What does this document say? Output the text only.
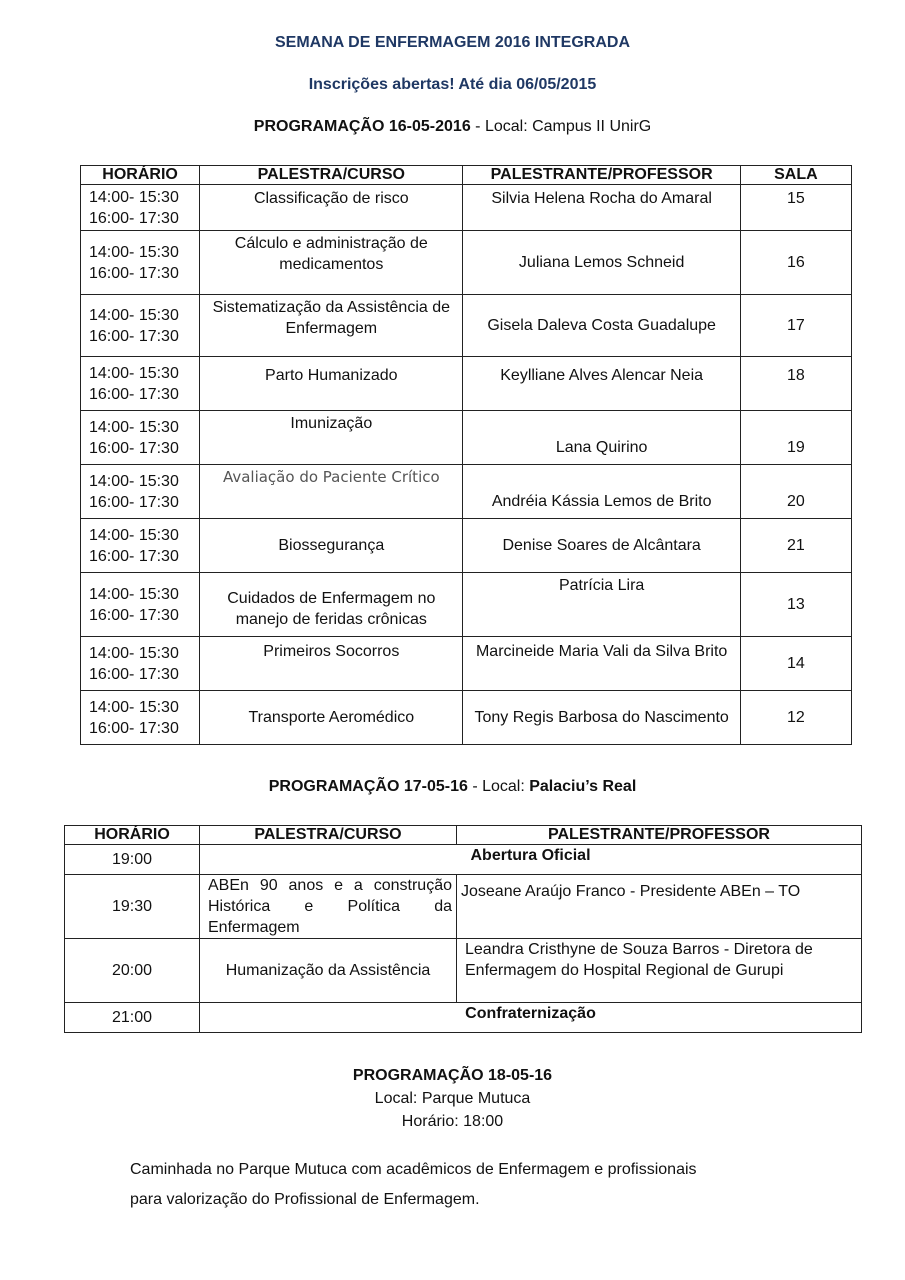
SEMANA DE ENFERMAGEM 2016 INTEGRADA
Inscrições abertas! Até dia 06/05/2015
PROGRAMAÇÃO 16-05-2016 - Local: Campus II UnirG
HORÁRIO	PALESTRA/CURSO	PALESTRANTE/PROFESSOR	SALA
14:00- 15:30
16:00- 17:30	Classificação de risco	Silvia Helena Rocha do Amaral	15
14:00- 15:30
16:00- 17:30	Cálculo e administração de medicamentos	Juliana Lemos Schneid	16
14:00- 15:30
16:00- 17:30	Sistematização da Assistência de Enfermagem	Gisela Daleva Costa Guadalupe	17
14:00- 15:30
16:00- 17:30	Parto Humanizado	Keylliane Alves Alencar Neia	18
14:00- 15:30
16:00- 17:30	Imunização	Lana Quirino	19
14:00- 15:30
16:00- 17:30	Avaliação do Paciente Crítico	Andréia Kássia Lemos de Brito	20
14:00- 15:30
16:00- 17:30	Biossegurança	Denise Soares de Alcântara	21
14:00- 15:30
16:00- 17:30	Cuidados de Enfermagem no manejo de feridas crônicas	Patrícia Lira	13
14:00- 15:30
16:00- 17:30	Primeiros Socorros	Marcineide Maria Vali da Silva Brito	14
14:00- 15:30
16:00- 17:30	Transporte Aeromédico	Tony Regis Barbosa do Nascimento	12
PROGRAMAÇÃO 17-05-16 - Local: Palaciu’s Real
HORÁRIO	PALESTRA/CURSO	PALESTRANTE/PROFESSOR
19:00	Abertura Oficial	
19:30	ABEn 90 anos e a construção Histórica e Política da Enfermagem	Joseane Araújo Franco - Presidente ABEn – TO
20:00	Humanização da Assistência	Leandra Cristhyne de Souza Barros - Diretora de Enfermagem do Hospital Regional de Gurupi
21:00	Confraternização	
PROGRAMAÇÃO 18-05-16
Local: Parque Mutuca
Horário: 18:00
Caminhada no Parque Mutuca com acadêmicos de Enfermagem e profissionais
para valorização do Profissional de Enfermagem.
